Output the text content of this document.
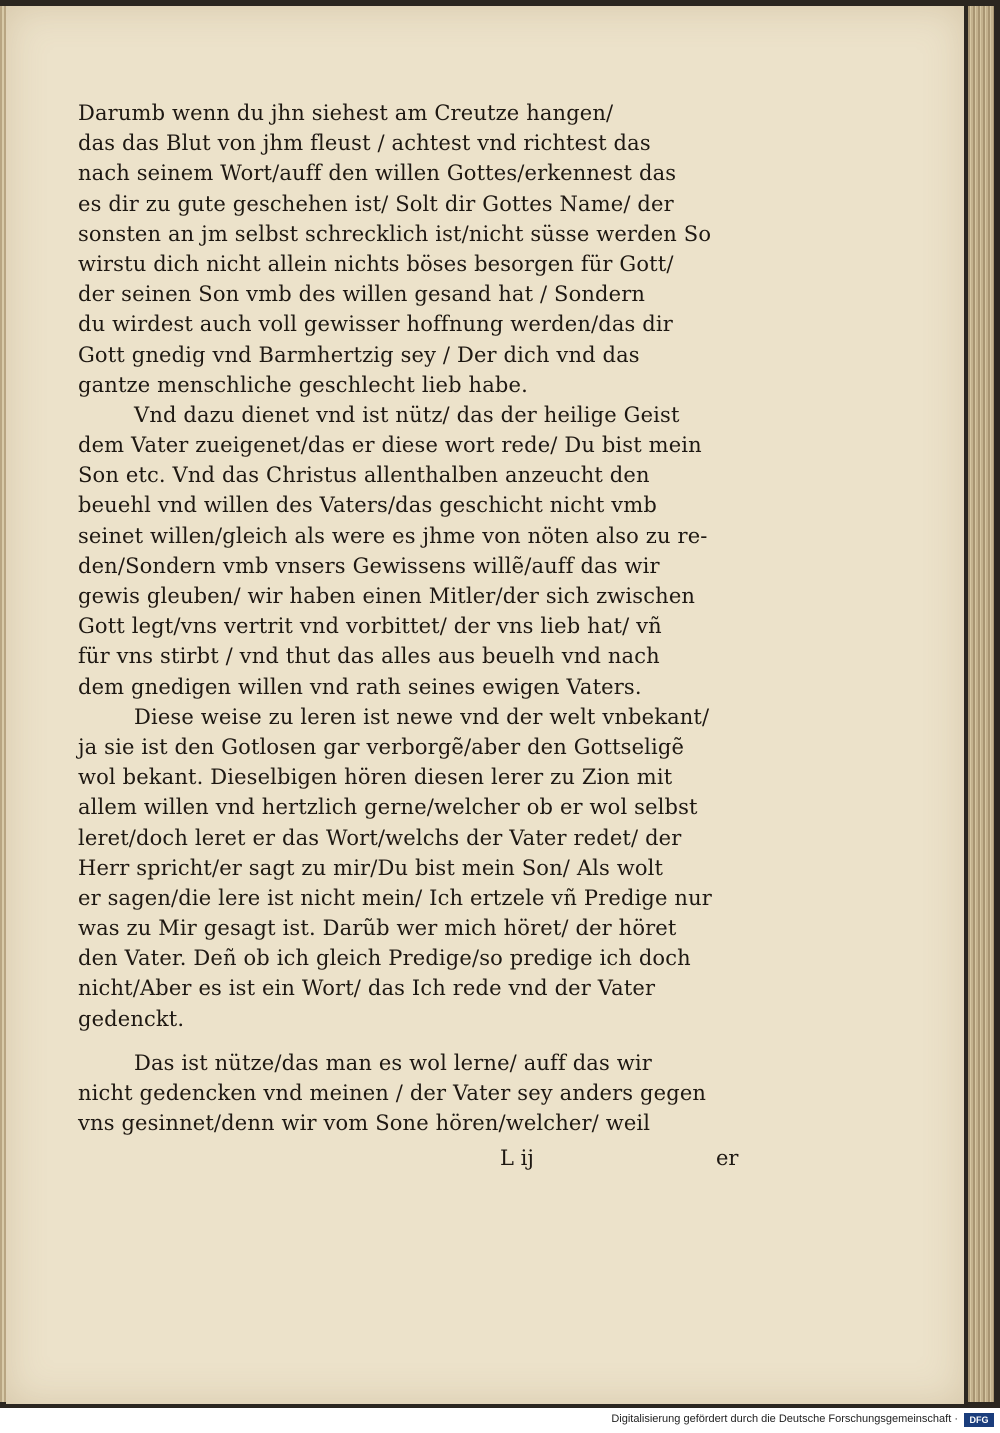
Darumb wenn du jhn siehest am Creutze hangen/
das das Blut von jhm fleust / achtest vnd richtest das
nach seinem Wort/auff den willen Gottes/erkennest das
es dir zu gute geschehen ist/ Solt dir Gottes Name/ der
sonsten an jm selbst schrecklich ist/nicht süsse werden So
wirstu dich nicht allein nichts böses besorgen für Gott/
der seinen Son vmb des willen gesand hat / Sondern
du wirdest auch voll gewisser hoffnung werden/das dir
Gott gnedig vnd Barmhertzig sey / Der dich vnd das
gantze menschliche geschlecht lieb habe.
Vnd dazu dienet vnd ist nütz/ das der heilige Geist
dem Vater zueigenet/das er diese wort rede/ Du bist mein
Son etc. Vnd das Christus allenthalben anzeucht den
beuehl vnd willen des Vaters/das geschicht nicht vmb
seinet willen/gleich als were es jhme von nöten also zu re-
den/Sondern vmb vnsers Gewissens willẽ/auff das wir
gewis gleuben/ wir haben einen Mitler/der sich zwischen
Gott legt/vns vertrit vnd vorbittet/ der vns lieb hat/ vñ
für vns stirbt / vnd thut das alles aus beuelh vnd nach
dem gnedigen willen vnd rath seines ewigen Vaters.
Diese weise zu leren ist newe vnd der welt vnbekant/
ja sie ist den Gotlosen gar verborgẽ/aber den Gottseligẽ
wol bekant. Dieselbigen hören diesen lerer zu Zion mit
allem willen vnd hertzlich gerne/welcher ob er wol selbst
leret/doch leret er das Wort/welchs der Vater redet/ der
Herr spricht/er sagt zu mir/Du bist mein Son/ Als wolt
er sagen/die lere ist nicht mein/ Ich ertzele vñ Predige nur
was zu Mir gesagt ist. Darũb wer mich höret/ der höret
den Vater. Deñ ob ich gleich Predige/so predige ich doch
nicht/Aber es ist ein Wort/ das Ich rede vnd der Vater
gedenckt.
Das ist nütze/das man es wol lerne/ auff das wir
nicht gedencken vnd meinen / der Vater sey anders gegen
vns gesinnet/denn wir vom Sone hören/welcher/ weil
L ij	er
Digitalisierung gefördert durch die Deutsche Forschungsgemeinschaft ·	DFG
